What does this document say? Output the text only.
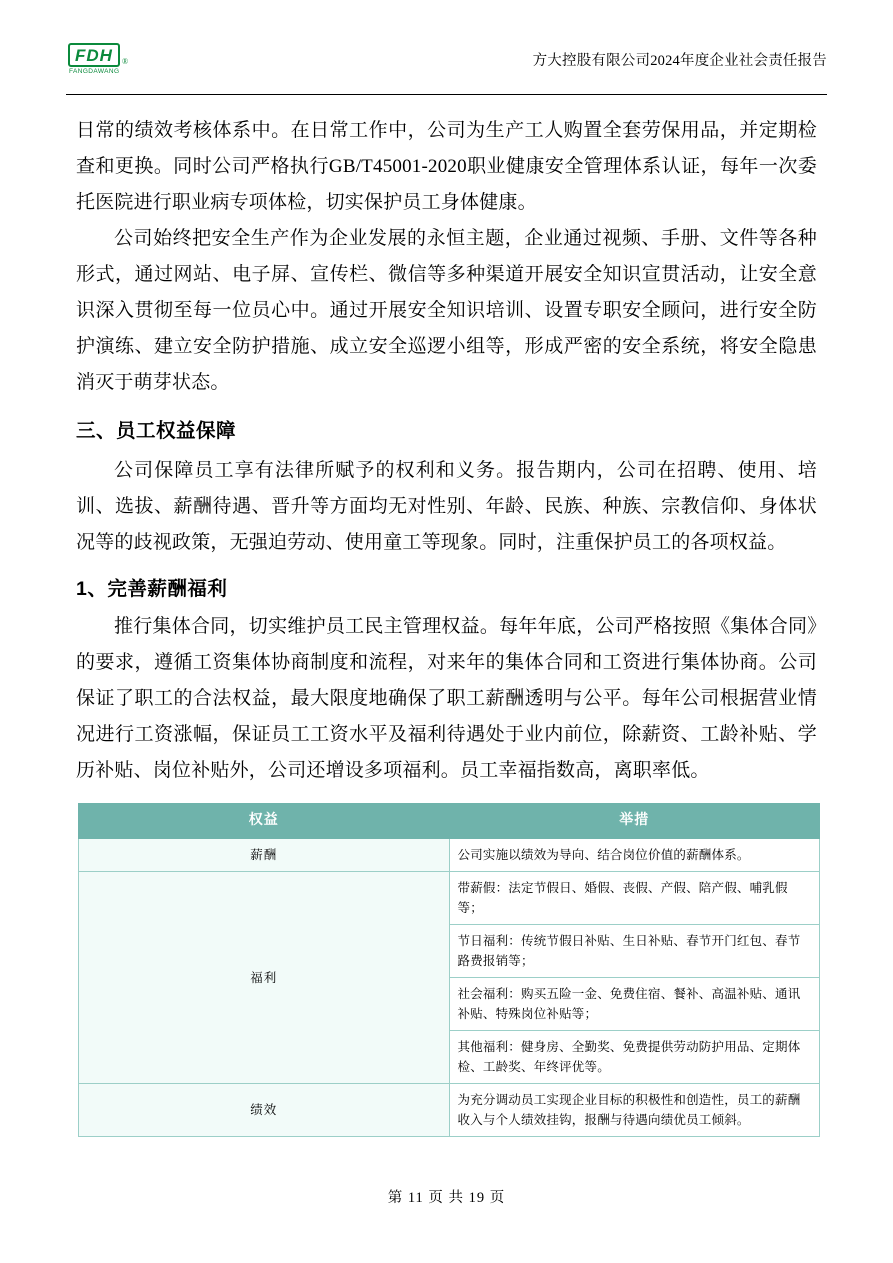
FDH	®
FANGDAWANG
方大控股有限公司2024年度企业社会责任报告

日常的绩效考核体系中。在日常工作中，公司为生产工人购置全套劳保用品，并定期检查和更换。同时公司严格执行GB/T45001-2020职业健康安全管理体系认证，每年一次委托医院进行职业病专项体检，切实保护员工身体健康。

公司始终把安全生产作为企业发展的永恒主题，企业通过视频、手册、文件等各种形式，通过网站、电子屏、宣传栏、微信等多种渠道开展安全知识宣贯活动，让安全意识深入贯彻至每一位员心中。通过开展安全知识培训、设置专职安全顾问，进行安全防护演练、建立安全防护措施、成立安全巡逻小组等，形成严密的安全系统，将安全隐患消灭于萌芽状态。

三、员工权益保障

公司保障员工享有法律所赋予的权利和义务。报告期内，公司在招聘、使用、培训、选拔、薪酬待遇、晋升等方面均无对性别、年龄、民族、种族、宗教信仰、身体状况等的歧视政策，无强迫劳动、使用童工等现象。同时，注重保护员工的各项权益。

1、完善薪酬福利

推行集体合同，切实维护员工民主管理权益。每年年底，公司严格按照《集体合同》的要求，遵循工资集体协商制度和流程，对来年的集体合同和工资进行集体协商。公司保证了职工的合法权益，最大限度地确保了职工薪酬透明与公平。每年公司根据营业情况进行工资涨幅，保证员工工资水平及福利待遇处于业内前位，除薪资、工龄补贴、学历补贴、岗位补贴外，公司还增设多项福利。员工幸福指数高，离职率低。

权益	举措
薪酬	公司实施以绩效为导向、结合岗位价值的薪酬体系。
福利	带薪假：法定节假日、婚假、丧假、产假、陪产假、哺乳假等；
	节日福利：传统节假日补贴、生日补贴、春节开门红包、春节路费报销等；
	社会福利：购买五险一金、免费住宿、餐补、高温补贴、通讯补贴、特殊岗位补贴等；
	其他福利：健身房、全勤奖、免费提供劳动防护用品、定期体检、工龄奖、年终评优等。
绩效	为充分调动员工实现企业目标的积极性和创造性，员工的薪酬收入与个人绩效挂钩，报酬与待遇向绩优员工倾斜。
第 11 页 共 19 页
